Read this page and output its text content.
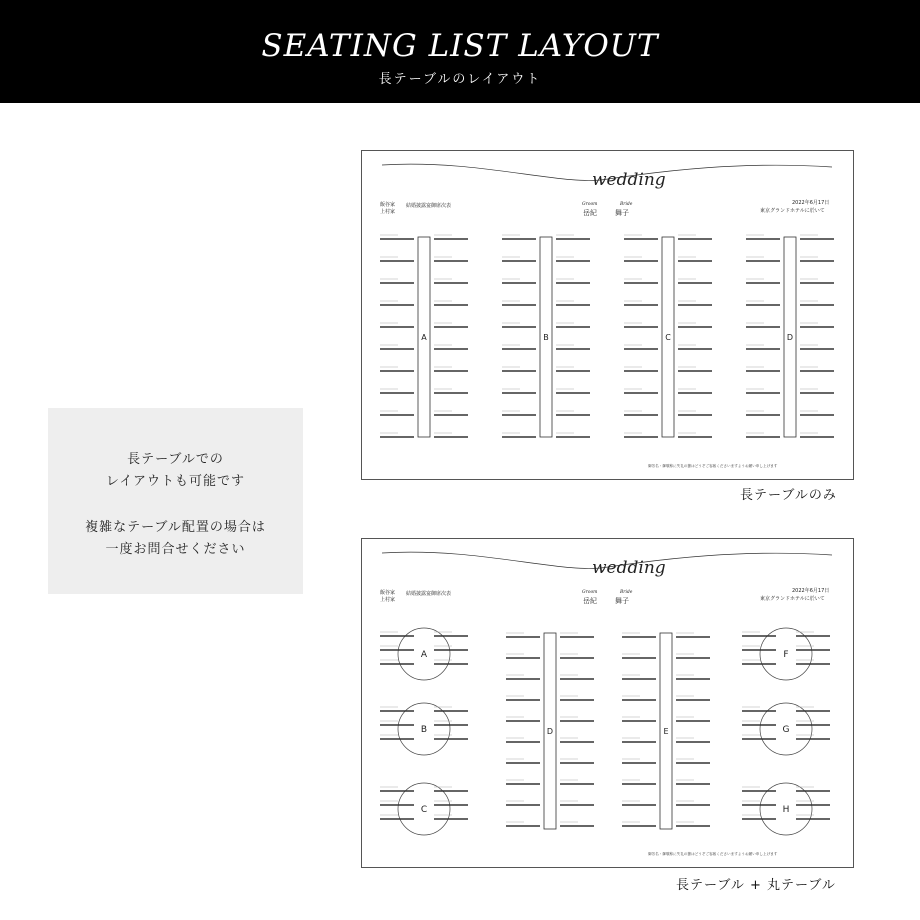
SEATING LIST LAYOUT
長テーブルのレイアウト
長テーブルでの
レイアウトも可能です
複雑なテーブル配置の場合は
一度お問合せください
wedding
飯谷家
上村家
結婚披露宴御席次表	Groom	Bride
岳紀	舞子
2022年6月17日
東京グランドホテルに於いて
A	B	C	D
御芳名・御敬称に失礼の節はどうぞご容赦くださいますようお願い申し上げます
長テーブルのみ
wedding
飯谷家
上村家
結婚披露宴御席次表	Groom	Bride
岳紀	舞子
2022年6月17日
東京グランドホテルに於いて
A
B
C
F
G
H
D	E
御芳名・御敬称に失礼の節はどうぞご容赦くださいますようお願い申し上げます
長テーブル + 丸テーブル
